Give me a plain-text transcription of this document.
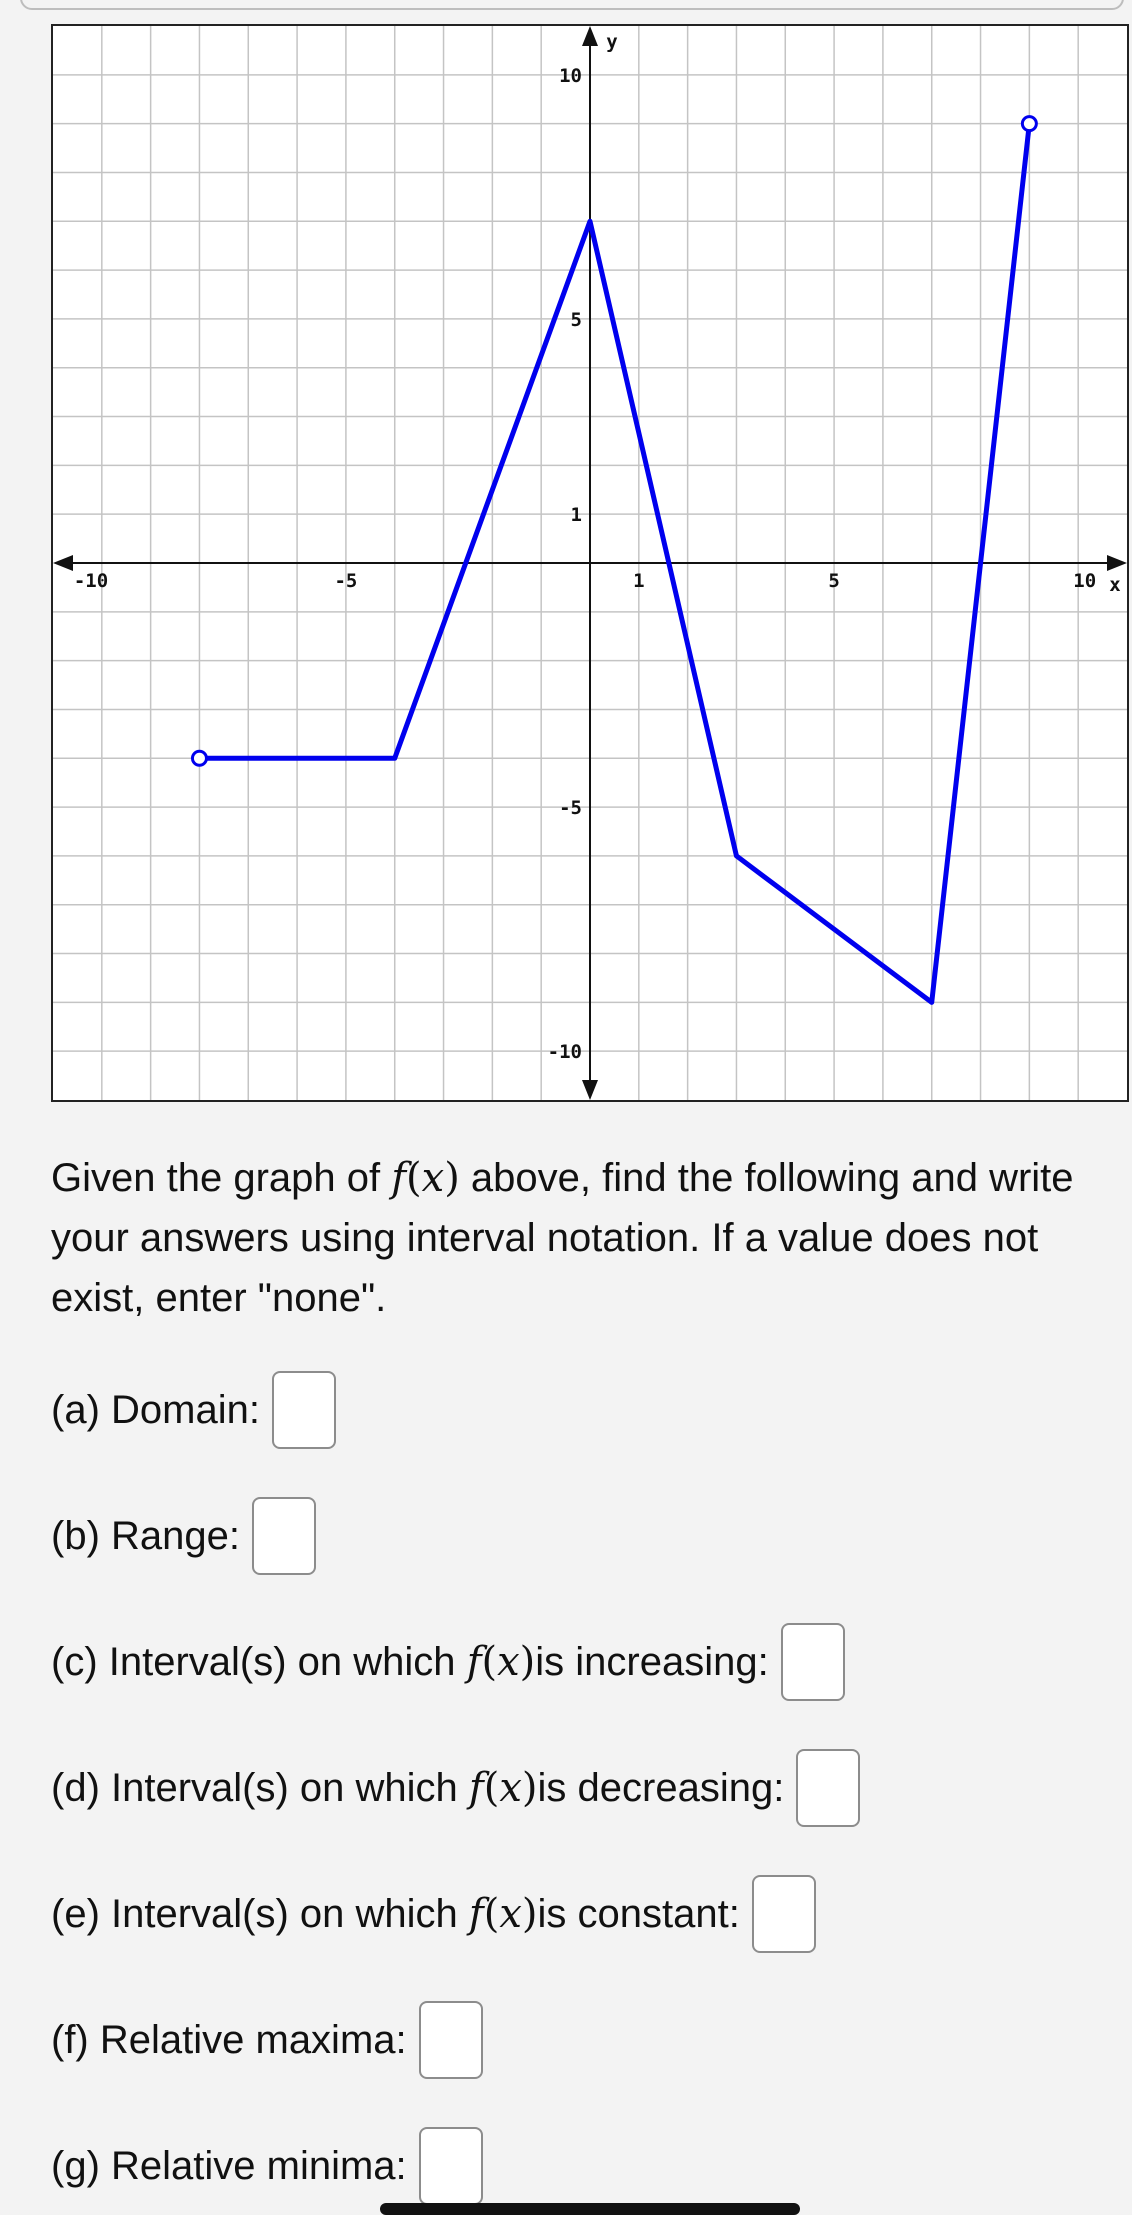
-10	-5	1	5	10
10
5
1
-5
-10
x
y

Given the graph of f(x) above, find the following and write your answers using interval notation. If a value does not exist, enter "none".

(a) Domain:
(b) Range:
(c) Interval(s) on which
f(x) is increasing:
(d) Interval(s) on which
f(x) is decreasing:
(e) Interval(s) on which
f(x) is constant:
(f) Relative maxima:
(g) Relative minima:
